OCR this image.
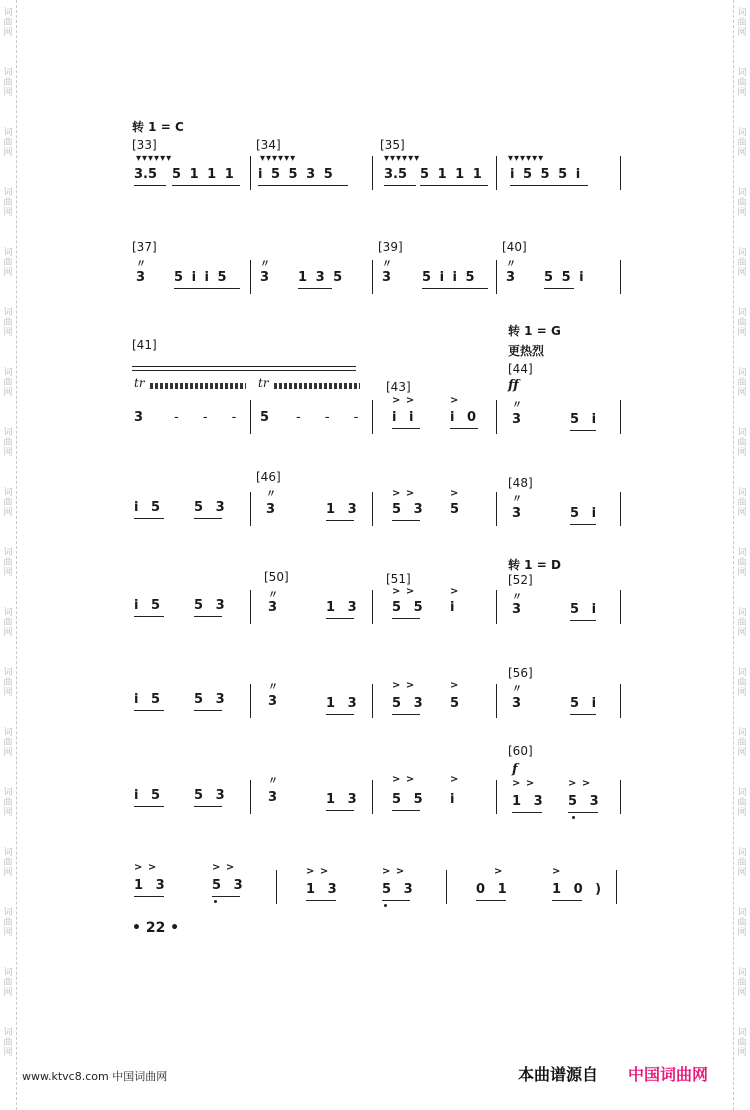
词
曲
网
词
曲
网
词
曲
网
词
曲
网
词
曲
网
词
曲
网
词
曲
网
词
曲
网
词
曲
网
词
曲
网
词
曲
网
词
曲
网
词
曲
网
词
曲
网
词
曲
网
词
曲
网
词
曲
网
词
曲
网
词
曲
网
词
曲
网
词
曲
网
词
曲
网
词
曲
网
词
曲
网
词
曲
网
词
曲
网
词
曲
网
词
曲
网
词
曲
网
词
曲
网
词
曲
网
词
曲
网
词
曲
网
词
曲
网
词
曲
网
词
曲
网
转 1 = C
[33]	[34]	[35]
▾▾▾▾▾▾	▾▾▾▾▾▾	▾▾▾▾▾▾	▾▾▾▾▾▾
3.5 5 1 1 1 i 5 5 3 5	3.5 5 1 1 1 i 5 5 5 i
[37]	[39]	[40]
〃	〃	〃	〃
3 5 i i 5 3 1 3 5	3 5 i i 5 3 5 5 i
转 1 = G
更热烈
[41]
tr	tr	[43]
[44]
ff
> >	>	〃
3 - - - 5 - - - i i	i 0 3	5 i
[46]	[48]
〃	> >	>
〃
i 5 5 3	3	1 3 5 3 5	3	5 i
转 1 = D
[50]	[51]	[52]
〃	> >	>
〃
i 5 5 3	3	1 3 5 5 i	3	5 i
[56]
〃	> >	>	〃
i 5 5 3	3	1 3 5 3 5	3	5 i
[60]
f
〃	> >	>	> >	> >
i 5 5 3	3	1 3 5 5 i	1 3 5 3
> >	> >	> >	> >	>	>
1 3	5 3	1 3	5 3	0 1	1 0 )
• 22 •
www.ktvc8.com 中国词曲网	本曲谱源自 中国词曲网
